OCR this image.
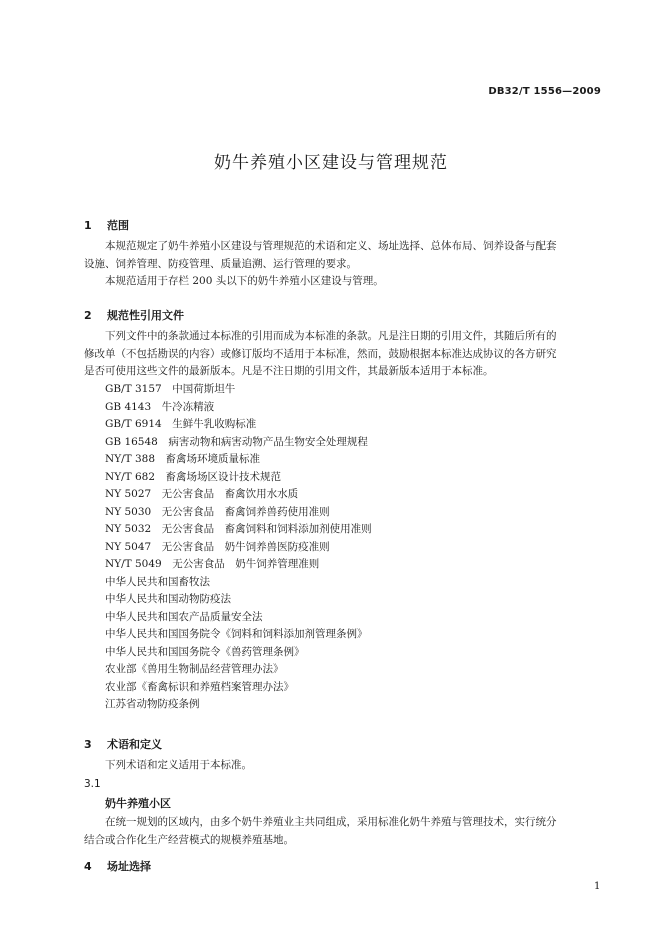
DB32/T 1556—2009
奶牛养殖小区建设与管理规范
1 范围
本规范规定了奶牛养殖小区建设与管理规范的术语和定义、场址选择、总体布局、饲养设备与配套
设施、饲养管理、防疫管理、质量追溯、运行管理的要求。
本规范适用于存栏 200 头以下的奶牛养殖小区建设与管理。
2 规范性引用文件
下列文件中的条款通过本标准的引用而成为本标准的条款。凡是注日期的引用文件，其随后所有的
修改单（不包括勘误的内容）或修订版均不适用于本标准，然而，鼓励根据本标准达成协议的各方研究
是否可使用这些文件的最新版本。凡是不注日期的引用文件，其最新版本适用于本标准。
GB/T 3157　中国荷斯坦牛
GB 4143　牛冷冻精液
GB/T 6914　生鲜牛乳收购标准
GB 16548　病害动物和病害动物产品生物安全处理规程
NY/T 388　畜禽场环境质量标准
NY/T 682　畜禽场场区设计技术规范
NY 5027　无公害食品　畜禽饮用水水质
NY 5030　无公害食品　畜禽饲养兽药使用准则
NY 5032　无公害食品　畜禽饲料和饲料添加剂使用准则
NY 5047　无公害食品　奶牛饲养兽医防疫准则
NY/T 5049　无公害食品　奶牛饲养管理准则
中华人民共和国畜牧法
中华人民共和国动物防疫法
中华人民共和国农产品质量安全法
中华人民共和国国务院令《饲料和饲料添加剂管理条例》
中华人民共和国国务院令《兽药管理条例》
农业部《兽用生物制品经营管理办法》
农业部《畜禽标识和养殖档案管理办法》
江苏省动物防疫条例
3 术语和定义
下列术语和定义适用于本标准。
3.1
奶牛养殖小区
在统一规划的区域内，由多个奶牛养殖业主共同组成，采用标准化奶牛养殖与管理技术，实行统分
结合或合作化生产经营模式的规模养殖基地。
4 场址选择
1
